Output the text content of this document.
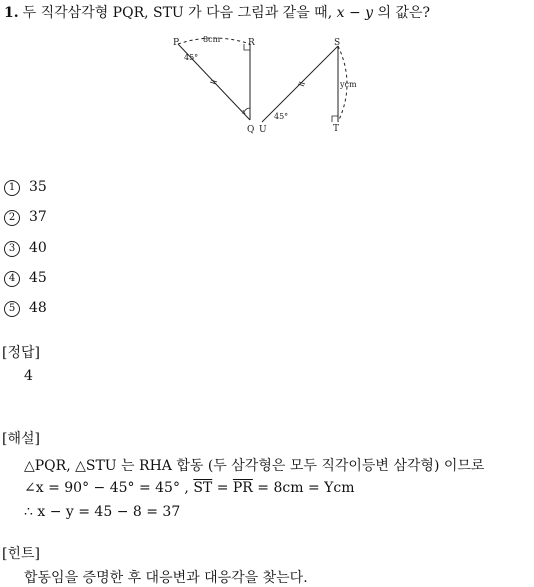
1. 두 직각삼각형 PQR, STU 가 다음 그림과 같을 때, x − y 의 값은?
P	R
Q
S
U	T
8cm
ycm
45°
45°
x
1 35
2 37
3 40
4 45
5 48
[정답]
4
[해설]
△PQR, △STU 는 RHA 합동 (두 삼각형은 모두 직각이등변 삼각형) 이므로
∠x = 90° − 45° = 45° , $\overline{ST} = \overline{PR} = 8cm$ = Ycm
∴ x − y = 45 − 8 = 37
[힌트]
합동임을 증명한 후 대응변과 대응각을 찾는다.
